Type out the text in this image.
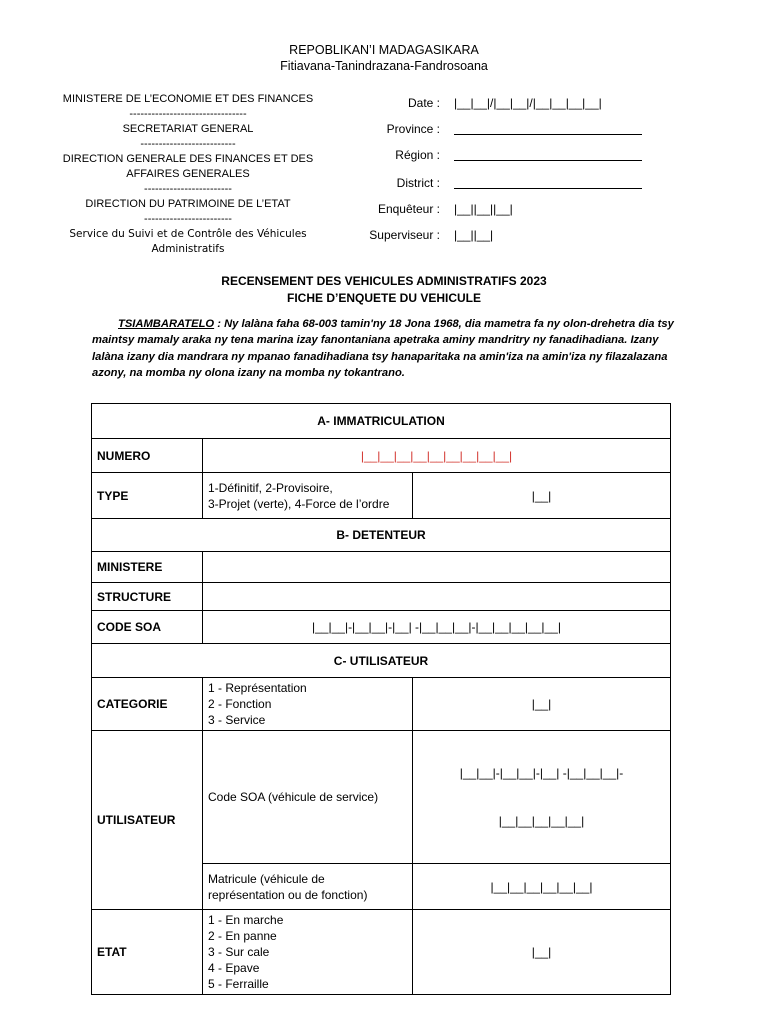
REPOBLIKAN’I MADAGASIKARA
Fitiavana-Tanindrazana-Fandrosoana
MINISTERE DE L’ECONOMIE ET DES FINANCES
--------------------------------
SECRETARIAT GENERAL
--------------------------
DIRECTION GENERALE DES FINANCES ET DES AFFAIRES GENERALES
------------------------
DIRECTION DU PATRIMOINE DE L’ETAT
------------------------
Service du Suivi et de Contrôle des Véhicules Administratifs
Date :	|__|__|/|__|__|/|__|__|__|__|
Province :
Région :
District :
Enquêteur :	|__||__||__|
Superviseur :	|__||__|
RECENSEMENT DES VEHICULES ADMINISTRATIFS 2023
FICHE D’ENQUETE DU VEHICULE
TSIAMBARATELO : Ny lalàna faha 68-003 tamin'ny 18 Jona 1968, dia mametra fa ny olon-drehetra dia tsy maintsy mamaly araka ny tena marina izay fanontaniana apetraka aminy mandritry ny fanadihadiana. Izany lalàna izany dia mandrara ny mpanao fanadihadiana tsy hanaparitaka na amin'iza na amin'iza ny filazalazana azony, na momba ny olona izany na momba ny tokantrano.
A- IMMATRICULATION		
NUMERO	|__|__|__|__|__|__|__|__|__|	
TYPE	1-Définitif, 2-Provisoire,
3-Projet (verte), 4-Force de l’ordre	|__|
B- DETENTEUR		
MINISTERE		
STRUCTURE		
CODE SOA	|__|__|-|__|__|-|__| -|__|__|__|-|__|__|__|__|__|	
C- UTILISATEUR		
CATEGORIE	1 - Représentation
2 - Fonction
3 - Service	|__|
UTILISATEUR	Code SOA (véhicule de service)	|__|__|-|__|__|-|__| -|__|__|__|-

|__|__|__|__|__|

	Matricule (véhicule de
représentation ou de fonction)	|__|__|__|__|__|__|
ETAT	1 - En marche
2 - En panne
3 - Sur cale
4 - Epave
5 - Ferraille	|__|
